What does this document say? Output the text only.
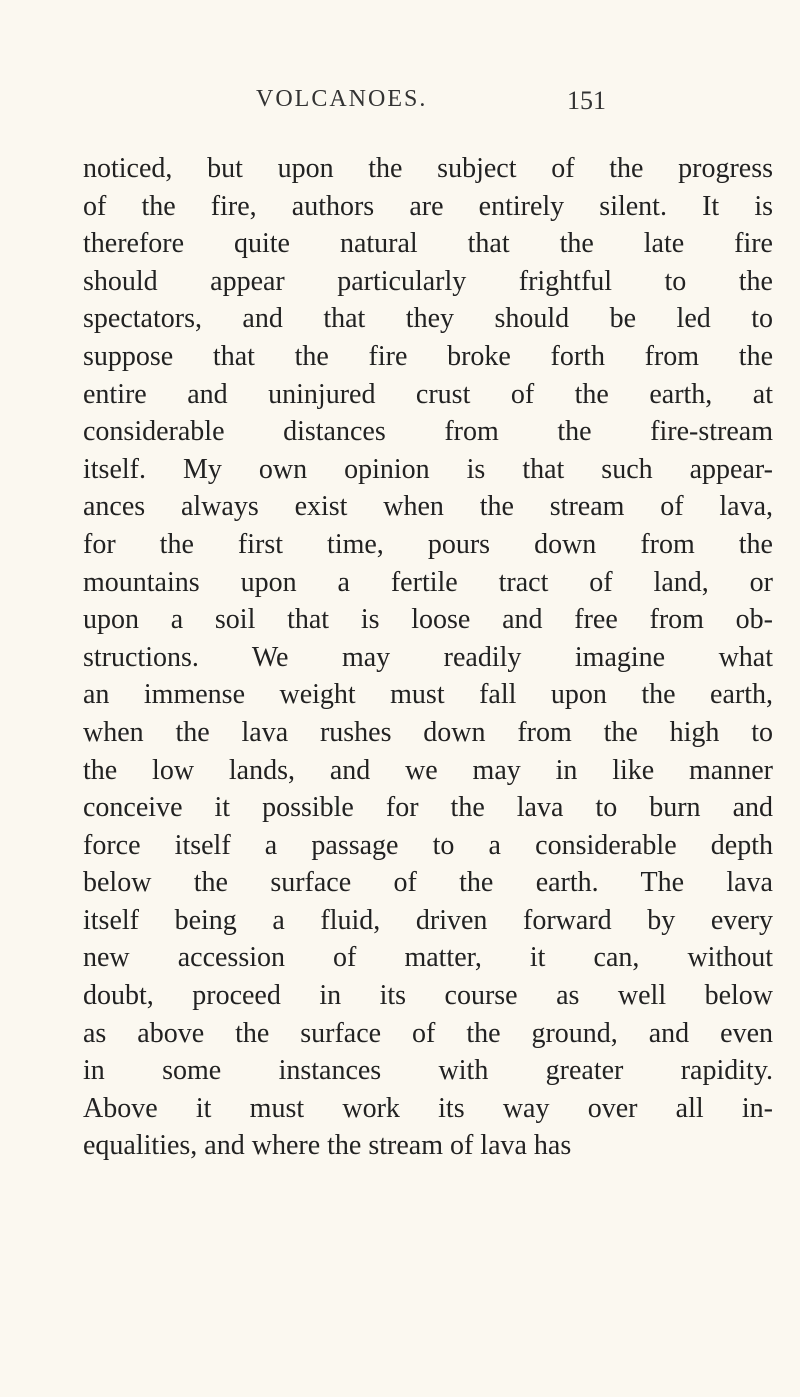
VOLCANOES.	151
noticed, but upon the subject of the progress
of the fire, authors are entirely silent. It is
therefore quite natural that the late fire
should appear particularly frightful to the
spectators, and that they should be led to
suppose that the fire broke forth from the
entire and uninjured crust of the earth, at
considerable distances from the fire-stream
itself. My own opinion is that such appear-
ances always exist when the stream of lava,
for the first time, pours down from the
mountains upon a fertile tract of land, or
upon a soil that is loose and free from ob-
structions. We may readily imagine what
an immense weight must fall upon the earth,
when the lava rushes down from the high to
the low lands, and we may in like manner
conceive it possible for the lava to burn and
force itself a passage to a considerable depth
below the surface of the earth. The lava
itself being a fluid, driven forward by every
new accession of matter, it can, without
doubt, proceed in its course as well below
as above the surface of the ground, and even
in some instances with greater rapidity.
Above it must work its way over all in-
equalities, and where the stream of lava has
